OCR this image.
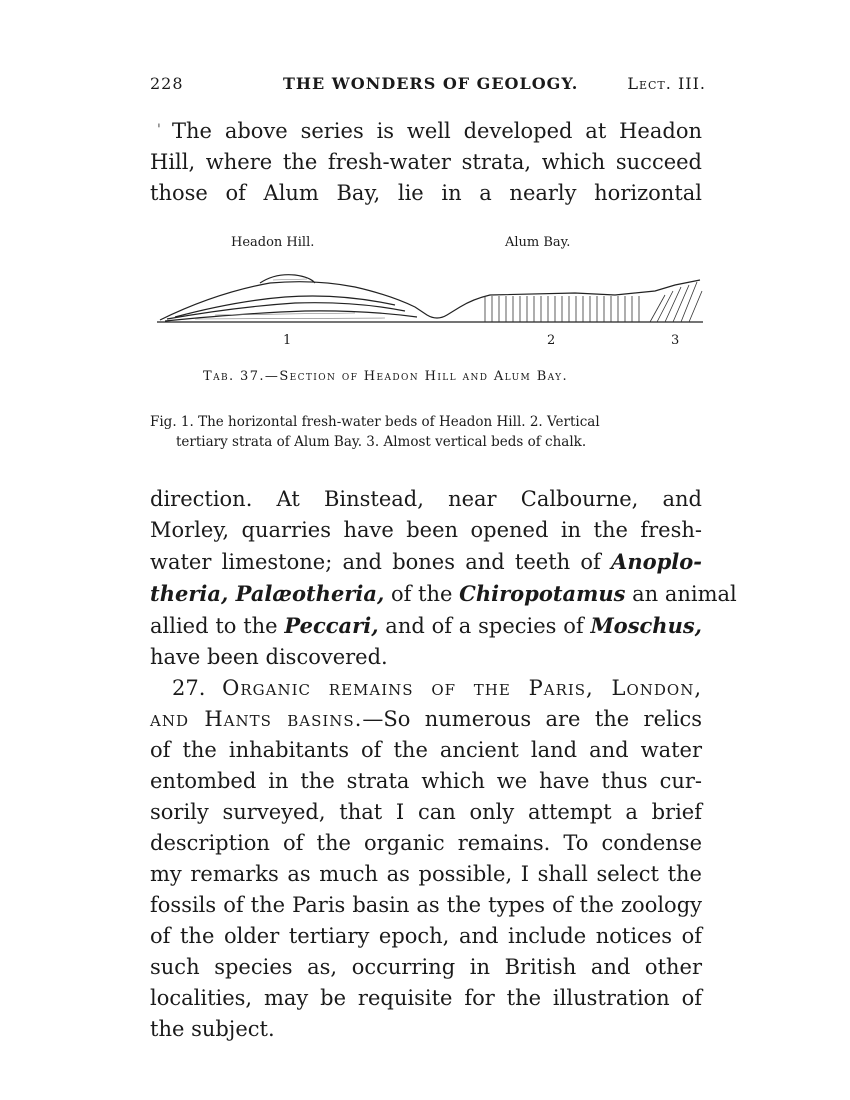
228	THE WONDERS OF GEOLOGY.	Lect. III.
' The above series is well developed at Headon
Hill, where the fresh-water strata, which succeed
those of Alum Bay, lie in a nearly horizontal
Headon Hill.	Alum Bay.
1	2	3
Tab. 37.—Section of Headon Hill and Alum Bay.
Fig. 1. The horizontal fresh-water beds of Headon Hill. 2. Vertical
tertiary strata of Alum Bay. 3. Almost vertical beds of chalk.
direction. At Binstead, near Calbourne, and
Morley, quarries have been opened in the fresh-
water limestone; and bones and teeth of Anoplo-
theria, Palæotheria, of the Chiropotamus an animal
allied to the Peccari, and of a species of Moschus,
have been discovered.
27. Organic remains of the Paris, London,
and Hants basins.—So numerous are the relics
of the inhabitants of the ancient land and water
entombed in the strata which we have thus cur-
sorily surveyed, that I can only attempt a brief
description of the organic remains. To condense
my remarks as much as possible, I shall select the
fossils of the Paris basin as the types of the zoology
of the older tertiary epoch, and include notices of
such species as, occurring in British and other
localities, may be requisite for the illustration of
the subject.
